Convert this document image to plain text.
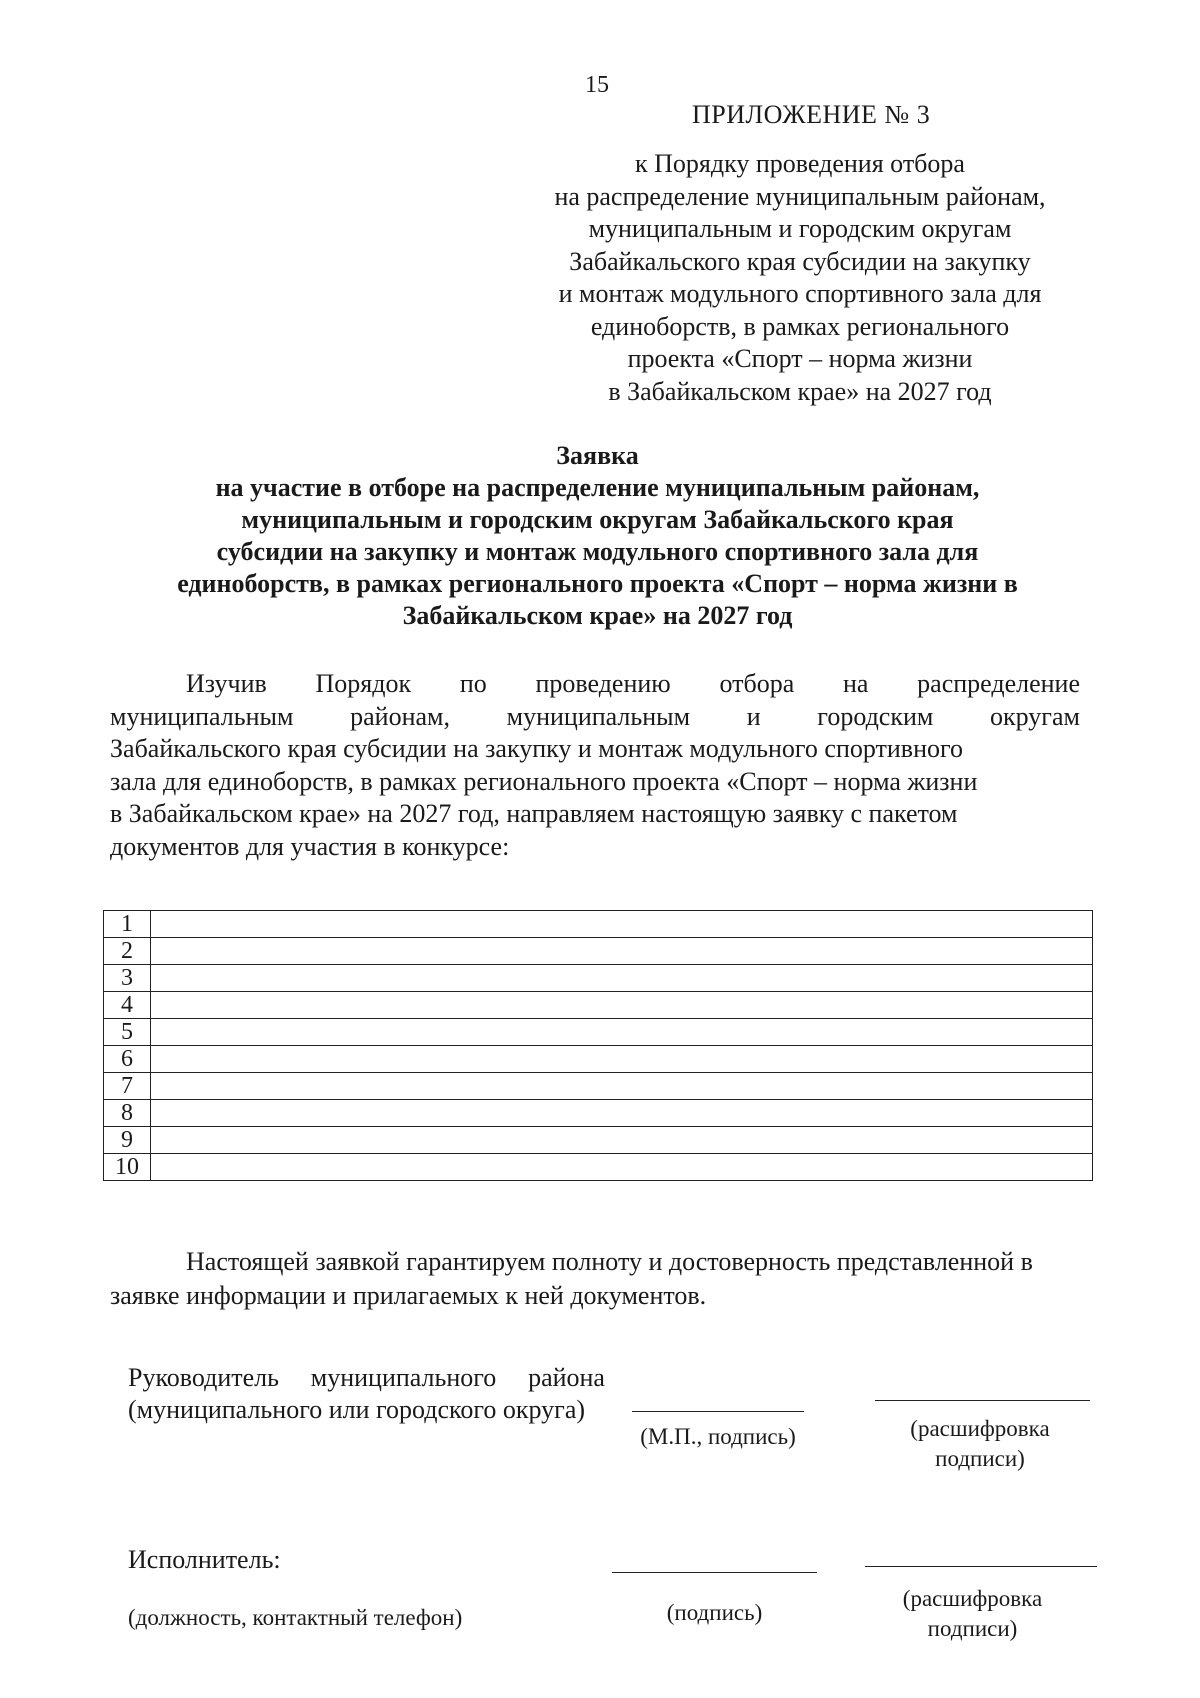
15
ПРИЛОЖЕНИЕ № 3
к Порядку проведения отбора
на распределение муниципальным районам,
муниципальным и городским округам
Забайкальского края субсидии на закупку
и монтаж модульного спортивного зала для
единоборств, в рамках регионального
проекта «Спорт – норма жизни
в Забайкальском крае» на 2027 год
Заявка
на участие в отборе на распределение муниципальным районам,
муниципальным и городским округам Забайкальского края
субсидии на закупку и монтаж модульного спортивного зала для
единоборств, в рамках регионального проекта «Спорт – норма жизни в
Забайкальском крае» на 2027 год
Изучив Порядок по проведению отбора на распределение
муниципальным районам, муниципальным и городским округам
Забайкальского края субсидии на закупку и монтаж модульного спортивного
зала для единоборств, в рамках регионального проекта «Спорт – норма жизни
в Забайкальском крае» на 2027 год, направляем настоящую заявку с пакетом
документов для участия в конкурсе:
1	
2	
3	
4	
5	
6	
7	
8	
9	
10	
Настоящей заявкой гарантируем полноту и достоверность представленной в
заявке информации и прилагаемых к ней документов.
Руководитель муниципального района
(муниципального или городского округа)
(М.П., подпись)	(расшифровка
подписи)
Исполнитель:
(должность, контактный телефон)	(подпись)
(расшифровка
подписи)
